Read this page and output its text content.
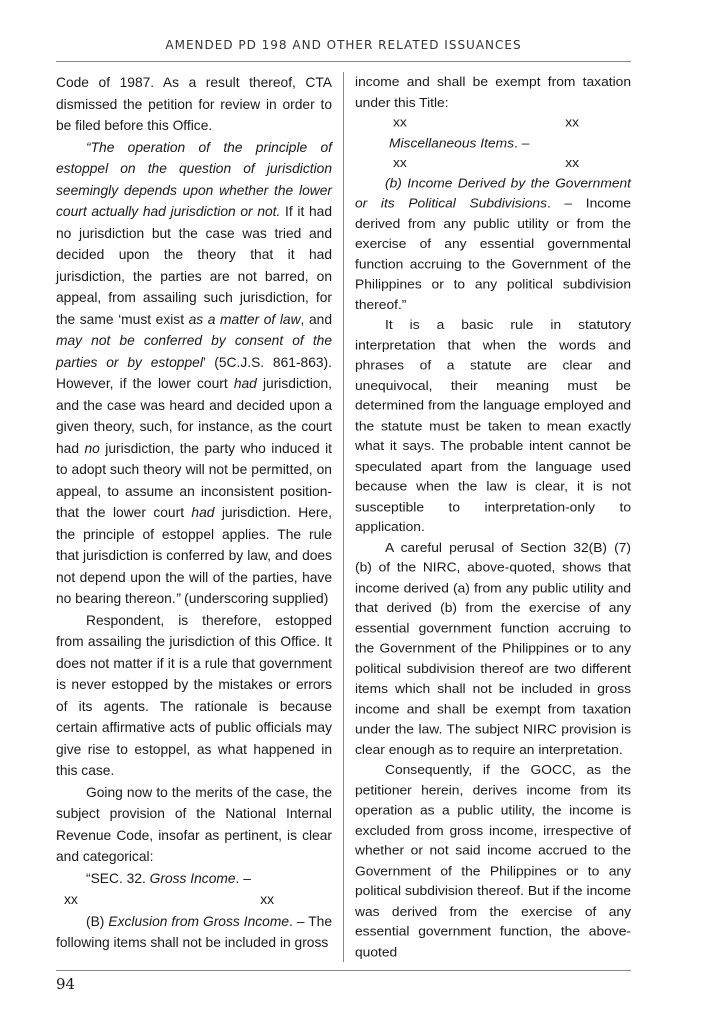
AMENDED PD 198 AND OTHER RELATED ISSUANCES

Code of 1987. As a result thereof, CTA dismissed the petition for review in order to be filed before this Office.

“The operation of the principle of estoppel on the question of jurisdiction seemingly depends upon whether the lower court actually had jurisdiction or not. If it had no jurisdiction but the case was tried and decided upon the theory that it had jurisdiction, the parties are not barred, on appeal, from assailing such jurisdiction, for the same ‘must exist as a matter of law, and may not be conferred by consent of the parties or by estoppel’ (5C.J.S. 861-863). However, if the lower court had jurisdiction, and the case was heard and decided upon a given theory, such, for instance, as the court had no jurisdiction, the party who induced it to adopt such theory will not be permitted, on appeal, to assume an inconsistent position-that the lower court had jurisdiction. Here, the principle of estoppel applies. The rule that jurisdiction is conferred by law, and does not depend upon the will of the parties, have no bearing thereon.” (underscoring supplied)

Respondent, is therefore, estopped from assailing the jurisdiction of this Office. It does not matter if it is a rule that government is never estopped by the mistakes or errors of its agents. The rationale is because certain affirmative acts of public officials may give rise to estoppel, as what happened in this case.

Going now to the merits of the case, the subject provision of the National Internal Revenue Code, insofar as pertinent, is clear and categorical:

“SEC. 32. Gross Income. –

xx	xx

(B) Exclusion from Gross Income. – The following items shall not be included in gross

income and shall be exempt from taxation under this Title:

xx	xx

Miscellaneous Items. –

xx	xx

(b) Income Derived by the Government or its Political Subdivisions. – Income derived from any public utility or from the exercise of any essential governmental function accruing to the Government of the Philippines or to any political subdivision thereof.”

It is a basic rule in statutory interpretation that when the words and phrases of a statute are clear and unequivocal, their meaning must be determined from the language employed and the statute must be taken to mean exactly what it says. The probable intent cannot be speculated apart from the language used because when the law is clear, it is not susceptible to interpretation-only to application.

A careful perusal of Section 32(B) (7) (b) of the NIRC, above-quoted, shows that income derived (a) from any public utility and that derived (b) from the exercise of any essential government function accruing to the Government of the Philippines or to any political subdivision thereof are two different items which shall not be included in gross income and shall be exempt from taxation under the law. The subject NIRC provision is clear enough as to require an interpretation.

Consequently, if the GOCC, as the petitioner herein, derives income from its operation as a public utility, the income is excluded from gross income, irrespective of whether or not said income accrued to the Government of the Philippines or to any political subdivision thereof. But if the income was derived from the exercise of any essential government function, the above-quoted

94
